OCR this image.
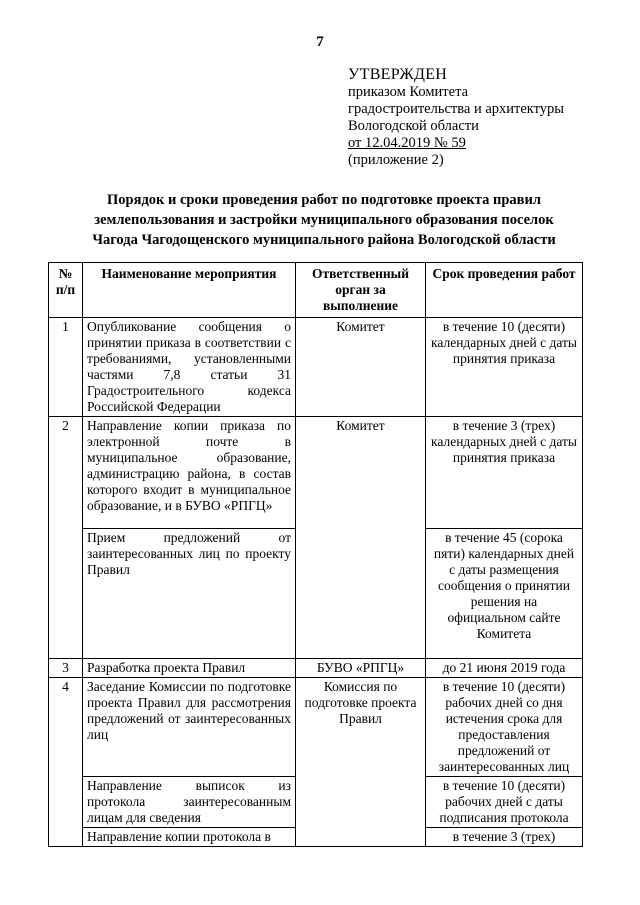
7
УТВЕРЖДЕН
приказом Комитета
градостроительства и архитектуры
Вологодской области
от 12.04.2019 № 59
(приложение 2)
Порядок и сроки проведения работ по подготовке проекта правил
землепользования и застройки муниципального образования поселок
Чагода Чагодощенского муниципального района Вологодской области
№ п/п	Наименование мероприятия	Ответственный орган за выполнение	Срок проведения работ
1	Опубликование сообщения о принятии приказа в соответствии с требованиями, установленными частями 7,8 статьи 31 Градостроительного кодекса Российской Федерации	Комитет	в течение 10 (десяти) календарных дней с даты принятия приказа
2	Направление копии приказа по электронной почте в муниципальное образование, администрацию района, в состав которого входит в муниципальное образование, и в БУВО «РПГЦ»	Комитет	в течение 3 (трех) календарных дней с даты принятия приказа
	Прием предложений от заинтересованных лиц по проекту Правил		в течение 45 (сорока пяти) календарных дней с даты размещения сообщения о принятии решения на официальном сайте Комитета
3	Разработка проекта Правил	БУВО «РПГЦ»	до 21 июня 2019 года
4	Заседание Комиссии по подготовке проекта Правил для рассмотрения предложений от заинтересованных лиц	Комиссия по подготовке проекта Правил	в течение 10 (десяти) рабочих дней со дня истечения срока для предоставления предложений от заинтересованных лиц
	Направление выписок из протокола заинтересованным лицам для сведения		в течение 10 (десяти) рабочих дней с даты подписания протокола
	Направление копии протокола в		в течение 3 (трех)
